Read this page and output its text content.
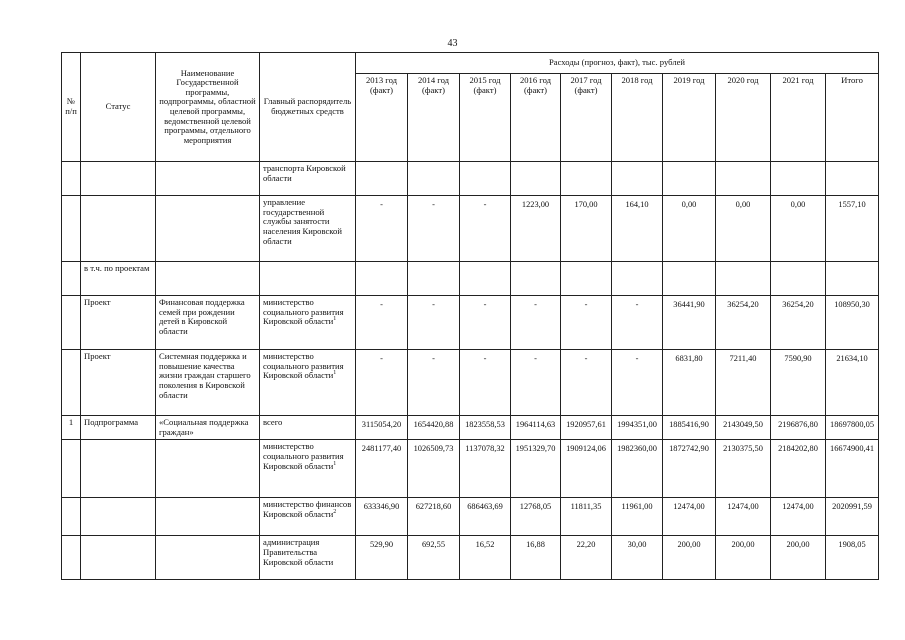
43
№ п/п	Статус	Наименование Государственной программы, подпрограммы, областной целевой программы, ведомственной целевой программы, отдельного мероприятия	Главный распорядитель бюджетных средств	Расходы (прогноз, факт), тыс. рублей									
				2013 год (факт)	2014 год (факт)	2015 год (факт)	2016 год (факт)	2017 год (факт)	2018 год	2019 год	2020 год	2021 год	Итого
			транспорта Кировской области										
			управление государственной службы занятости населения Кировской области	-	-	-	1223,00	170,00	164,10	0,00	0,00	0,00	1557,10
	в т.ч. по проектам												
	Проект	Финансовая поддержка семей при рождении детей в Кировской области	министерство социального развития Кировской области$^1$	-	-	-	-	-	-	36441,90	36254,20	36254,20	108950,30
	Проект	Системная поддержка и повышение качества жизни граждан старшего поколения в Кировской области	министерство социального развития Кировской области$^1$	-	-	-	-	-	-	6831,80	7211,40	7590,90	21634,10
1	Подпрограмма	«Социальная поддержка граждан»	всего	3115054,20	1654420,88	1823558,53	1964114,63	1920957,61	1994351,00	1885416,90	2143049,50	2196876,80	18697800,05
			министерство социального развития Кировской области$^1$	2481177,40	1026509,73	1137078,32	1951329,70	1909124,06	1982360,00	1872742,90	2130375,50	2184202,80	16674900,41
			министерство финансов Кировской области$^2$	633346,90	627218,60	686463,69	12768,05	11811,35	11961,00	12474,00	12474,00	12474,00	2020991,59
			администрация Правительства Кировской области	529,90	692,55	16,52	16,88	22,20	30,00	200,00	200,00	200,00	1908,05
